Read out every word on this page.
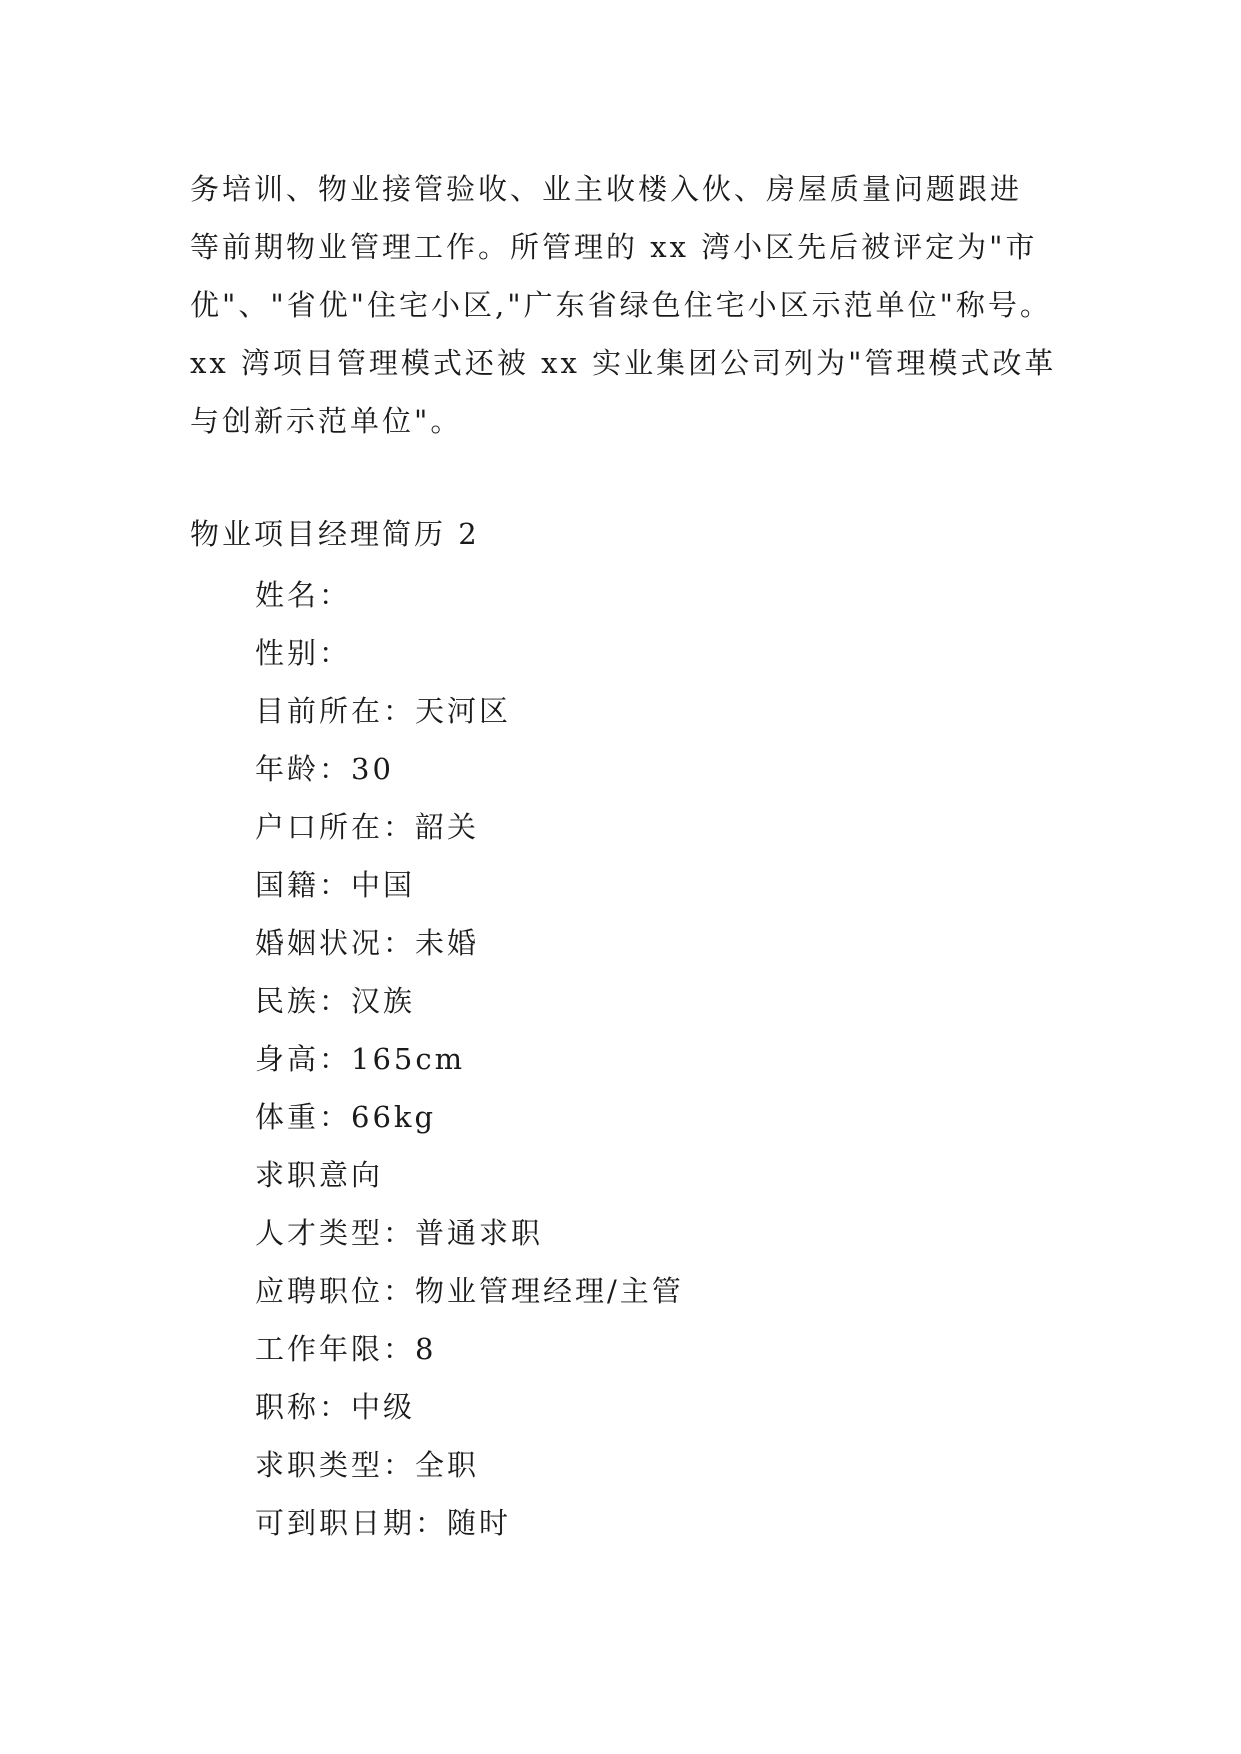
务培训、物业接管验收、业主收楼入伙、房屋质量问题跟进
等前期物业管理工作。所管理的 xx 湾小区先后被评定为"市
优"、"省优"住宅小区,"广东省绿色住宅小区示范单位"称号。
xx 湾项目管理模式还被 xx 实业集团公司列为"管理模式改革
与创新示范单位"。
物业项目经理简历 2
姓名：
性别：
目前所在：天河区
年龄：30
户口所在：韶关
国籍：中国
婚姻状况：未婚
民族：汉族
身高：165cm
体重：66kg
求职意向
人才类型：普通求职
应聘职位：物业管理经理/主管
工作年限：8
职称：中级
求职类型：全职
可到职日期：随时
